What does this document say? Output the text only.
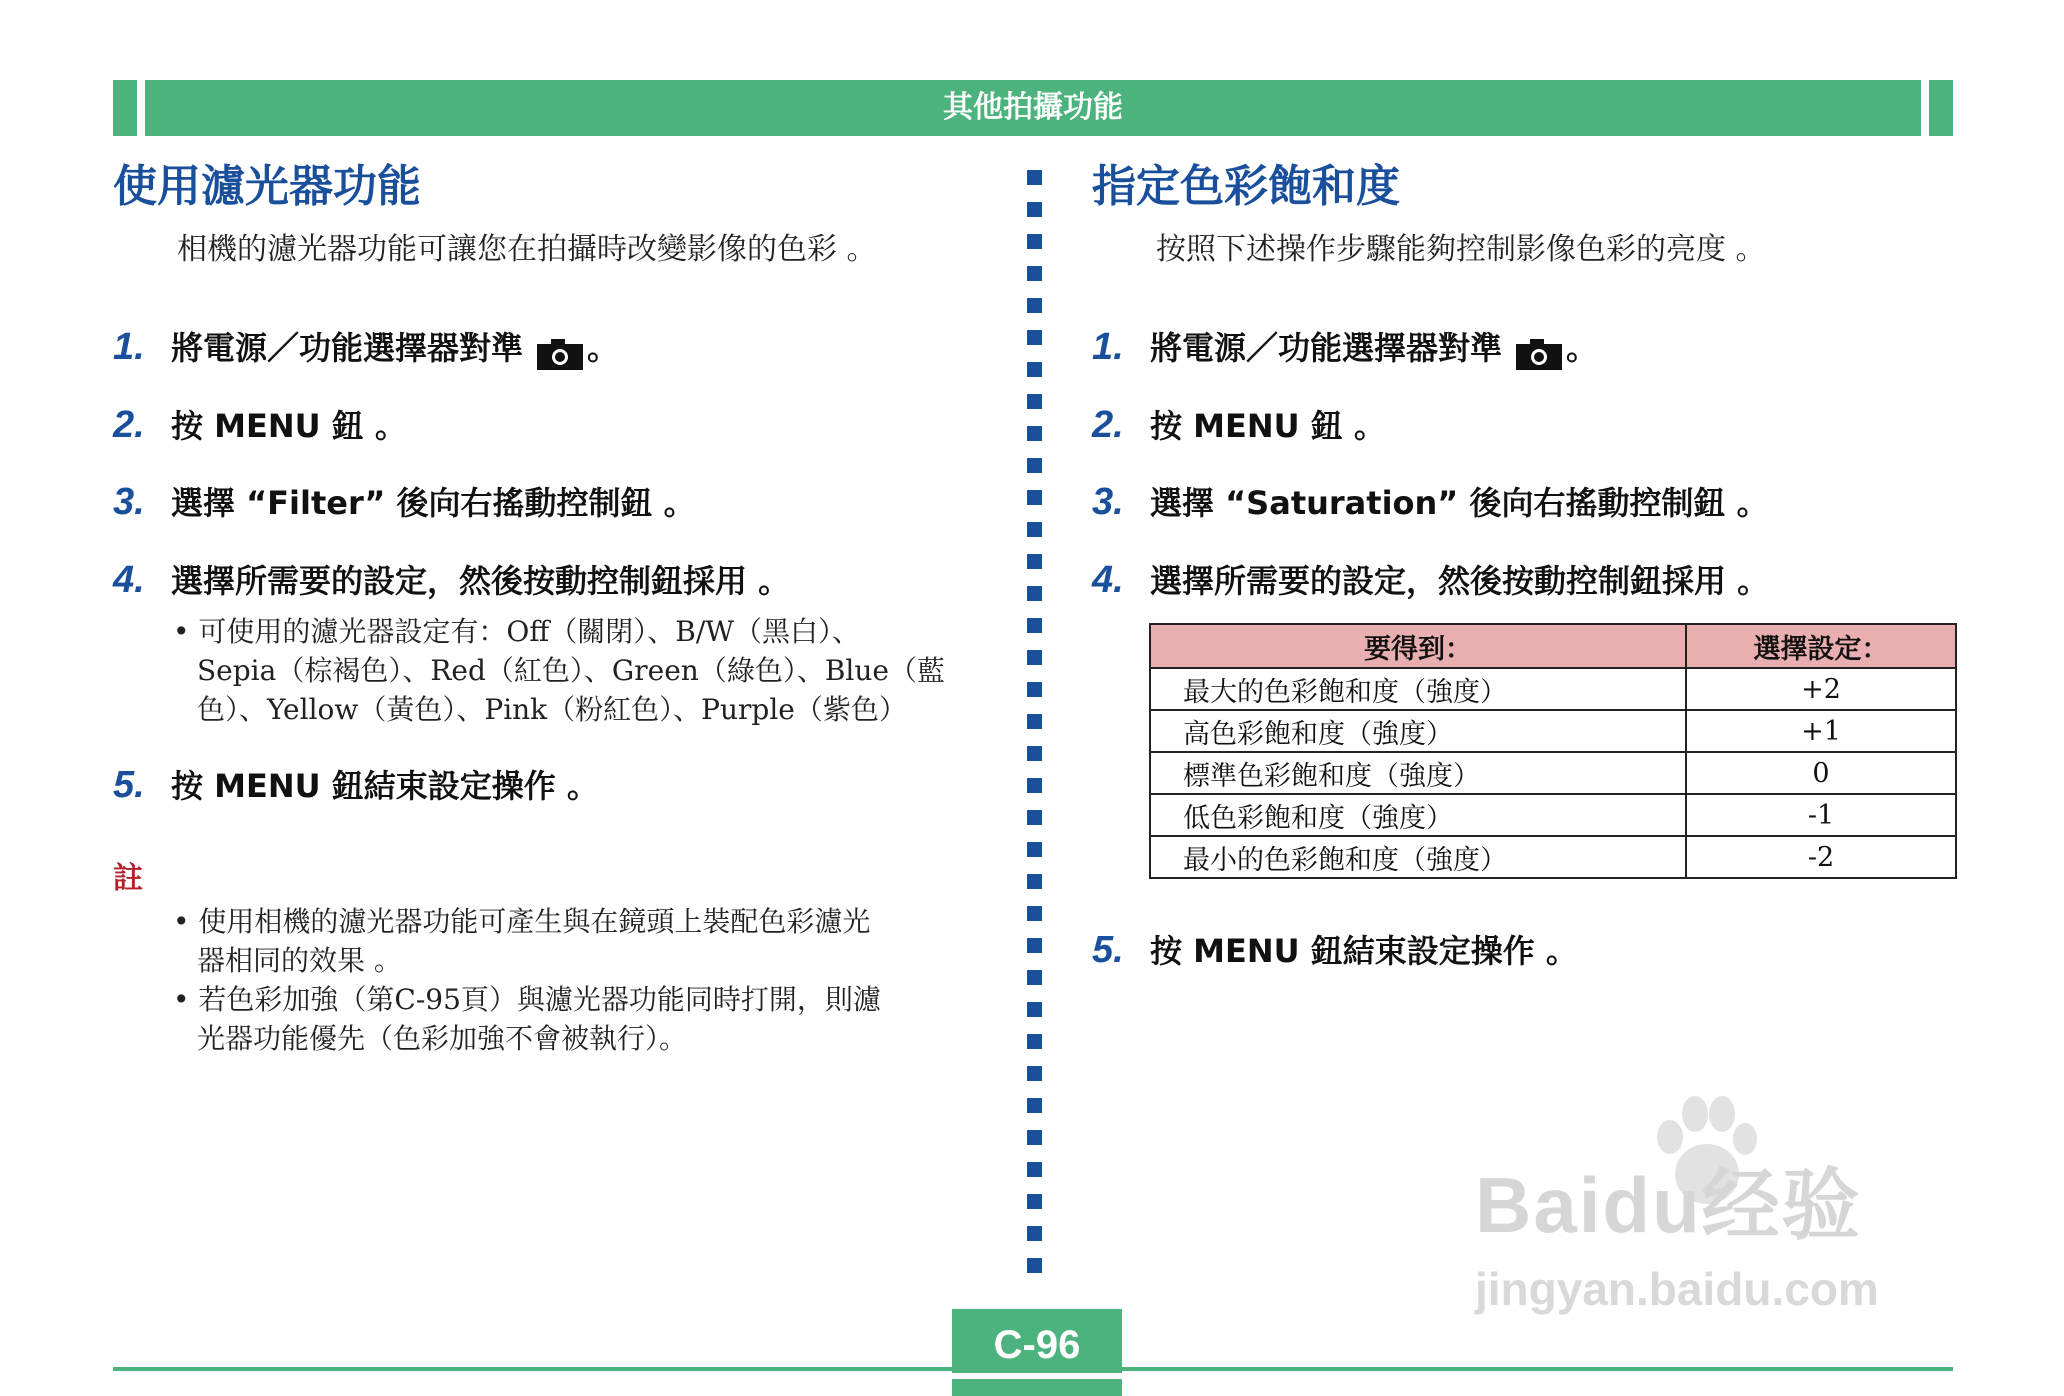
其他拍攝功能
使用濾光器功能
相機的濾光器功能可讓您在拍攝時改變影像的色彩 。
1. 將電源／功能選擇器對準 。
2. 按 MENU 鈕 。
3. 選擇 “Filter” 後向右搖動控制鈕 。
4. 選擇所需要的設定，然後按動控制鈕採用 。
• 可使用的濾光器設定有：Off（關閉）、B/W（黑白）、
Sepia（棕褐色）、Red（紅色）、Green（綠色）、Blue（藍
色）、Yellow（黃色）、Pink（粉紅色）、Purple（紫色）
5. 按 MENU 鈕結束設定操作 。
註
• 使用相機的濾光器功能可產生與在鏡頭上裝配色彩濾光
器相同的效果 。
• 若色彩加強（第C-95頁）與濾光器功能同時打開，則濾
光器功能優先（色彩加強不會被執行）。
指定色彩飽和度
按照下述操作步驟能夠控制影像色彩的亮度 。
1. 將電源／功能選擇器對準 。
2. 按 MENU 鈕 。
3. 選擇 “Saturation” 後向右搖動控制鈕 。
4. 選擇所需要的設定，然後按動控制鈕採用 。
要得到：	選擇設定：
最大的色彩飽和度（強度）	+2
高色彩飽和度（強度）	+1
標準色彩飽和度（強度）	0
低色彩飽和度（強度）	-1
最小的色彩飽和度（強度）	-2
5. 按 MENU 鈕結束設定操作 。
Baidu经验
jingyan.baidu.com
C-96
